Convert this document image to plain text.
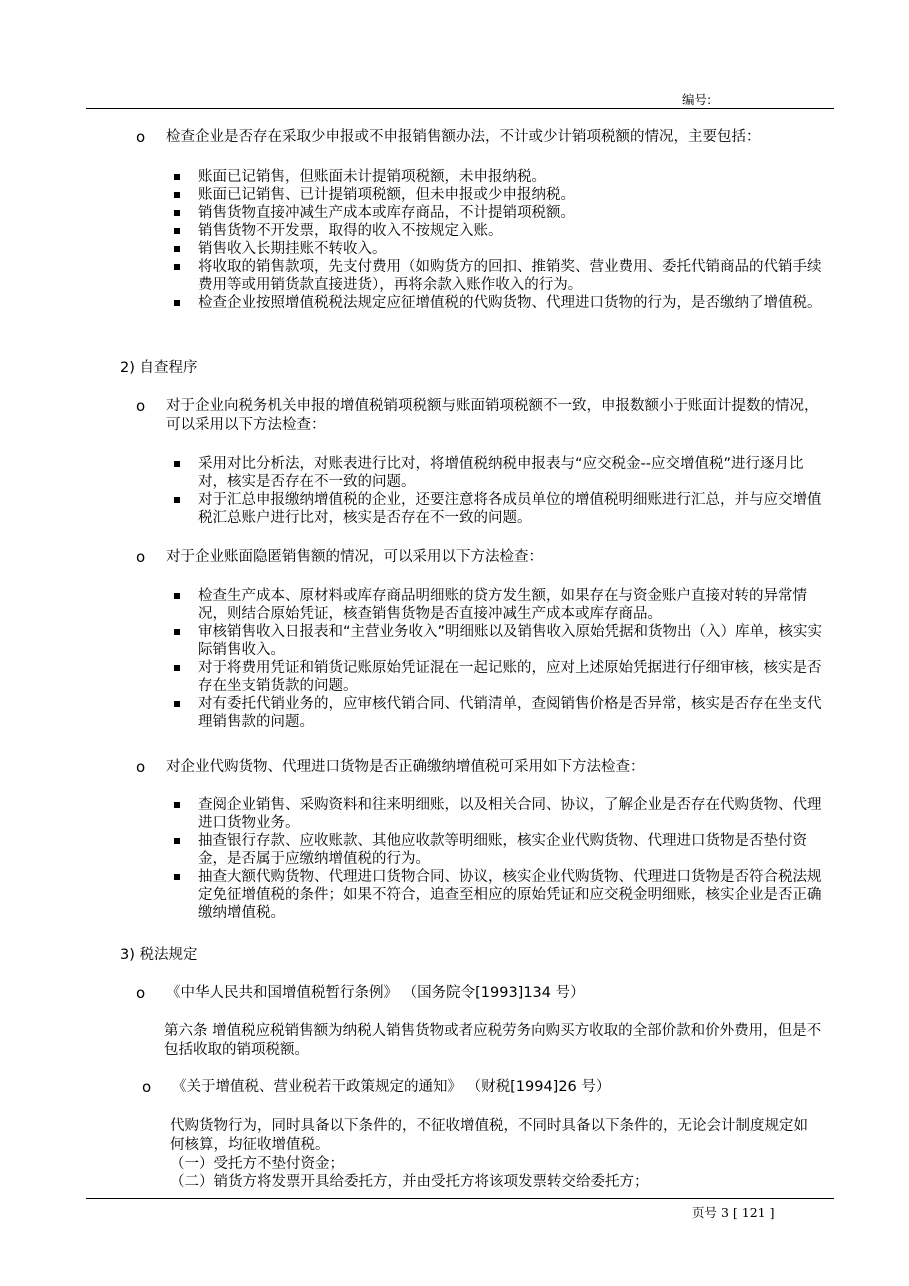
编号:
o	检查企业是否存在采取少申报或不申报销售额办法，不计或少计销项税额的情况，主要包括：
账面已记销售，但账面未计提销项税额，未申报纳税。
账面已记销售、已计提销项税额，但未申报或少申报纳税。
销售货物直接冲减生产成本或库存商品，不计提销项税额。
销售货物不开发票，取得的收入不按规定入账。
销售收入长期挂账不转收入。
将收取的销售款项，先支付费用（如购货方的回扣、推销奖、营业费用、委托代销商品的代销手续费用等或用销货款直接进货），再将余款入账作收入的行为。
检查企业按照增值税税法规定应征增值税的代购货物、代理进口货物的行为，是否缴纳了增值税。
2) 自查程序
o	对于企业向税务机关申报的增值税销项税额与账面销项税额不一致，申报数额小于账面计提数的情况，可以采用以下方法检查：
采用对比分析法，对账表进行比对，将增值税纳税申报表与“应交税金--应交增值税”进行逐月比对，核实是否存在不一致的问题。
对于汇总申报缴纳增值税的企业，还要注意将各成员单位的增值税明细账进行汇总，并与应交增值税汇总账户进行比对，核实是否存在不一致的问题。
o	对于企业账面隐匿销售额的情况，可以采用以下方法检查：
检查生产成本、原材料或库存商品明细账的贷方发生额，如果存在与资金账户直接对转的异常情况，则结合原始凭证，核查销售货物是否直接冲减生产成本或库存商品。
审核销售收入日报表和“主营业务收入”明细账以及销售收入原始凭据和货物出（入）库单，核实实际销售收入。
对于将费用凭证和销货记账原始凭证混在一起记账的，应对上述原始凭据进行仔细审核，核实是否存在坐支销货款的问题。
对有委托代销业务的，应审核代销合同、代销清单，查阅销售价格是否异常，核实是否存在坐支代理销售款的问题。
o	对企业代购货物、代理进口货物是否正确缴纳增值税可采用如下方法检查：
查阅企业销售、采购资料和往来明细账，以及相关合同、协议，了解企业是否存在代购货物、代理进口货物业务。
抽查银行存款、应收账款、其他应收款等明细账，核实企业代购货物、代理进口货物是否垫付资金，是否属于应缴纳增值税的行为。
抽查大额代购货物、代理进口货物合同、协议，核实企业代购货物、代理进口货物是否符合税法规定免征增值税的条件；如果不符合，追查至相应的原始凭证和应交税金明细账，核实企业是否正确缴纳增值税。
3) 税法规定
o	《中华人民共和国增值税暂行条例》 （国务院令[1993]134 号）
第六条 增值税应税销售额为纳税人销售货物或者应税劳务向购买方收取的全部价款和价外费用，但是不包括收取的销项税额。
o	《关于增值税、营业税若干政策规定的通知》 （财税[1994]26 号）
代购货物行为，同时具备以下条件的，不征收增值税，不同时具备以下条件的，无论会计制度规定如何核算，均征收增值税。
（一）受托方不垫付资金；
（二）销货方将发票开具给委托方，并由受托方将该项发票转交给委托方；
页号 3 [ 121 ]
